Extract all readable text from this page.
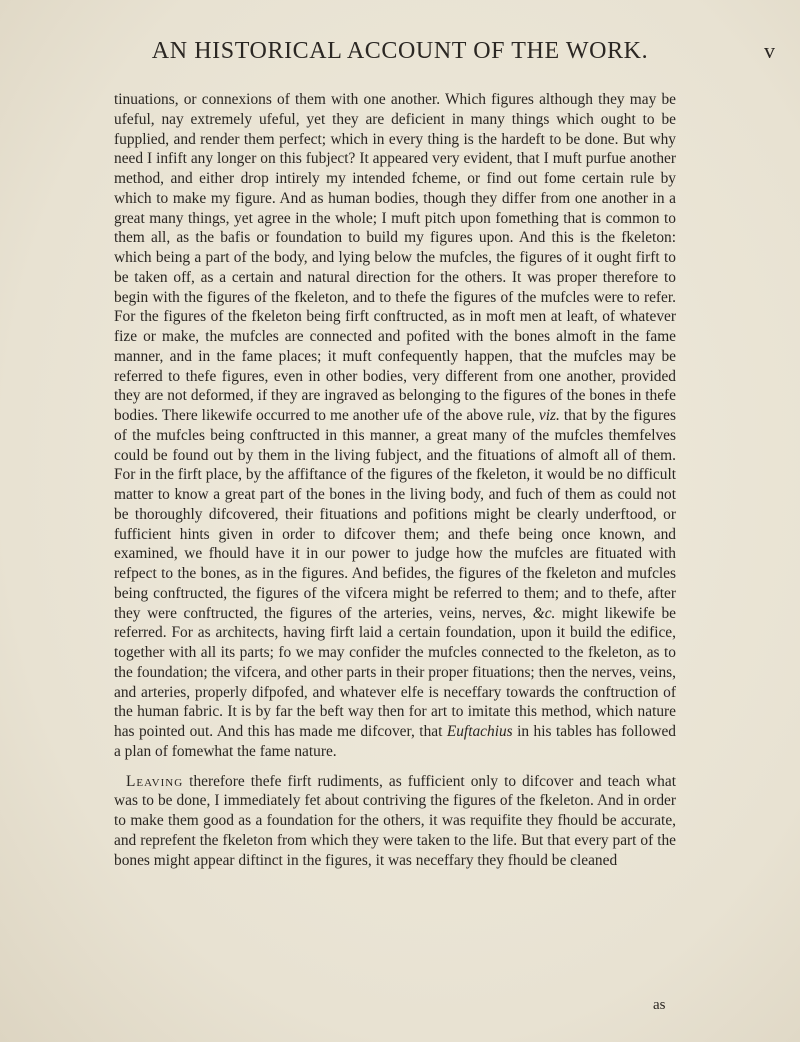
AN HISTORICAL ACCOUNT OF THE WORK.	v

tinuations, or connexions of them with one another. Which figures although they may be ufeful, nay extremely ufeful, yet they are deficient in many things which ought to be fupplied, and render them perfect; which in every thing is the hardeft to be done. But why need I infift any longer on this fubject? It appeared very evident, that I muft purfue another method, and either drop intirely my intended fcheme, or find out fome certain rule by which to make my figure. And as human bodies, though they differ from one another in a great many things, yet agree in the whole; I muft pitch upon fomething that is common to them all, as the bafis or foundation to build my figures upon. And this is the fkeleton: which being a part of the body, and lying below the mufcles, the figures of it ought firft to be taken off, as a certain and natural direction for the others. It was proper therefore to begin with the figures of the fkeleton, and to thefe the figures of the mufcles were to refer. For the figures of the fkeleton being firft conftructed, as in moft men at leaft, of whatever fize or make, the mufcles are connected and pofited with the bones almoft in the fame manner, and in the fame places; it muft confequently happen, that the mufcles may be referred to thefe figures, even in other bodies, very different from one another, provided they are not deformed, if they are ingraved as belonging to the figures of the bones in thefe bodies. There likewife occurred to me another ufe of the above rule, viz. that by the figures of the mufcles being conftructed in this manner, a great many of the mufcles themfelves could be found out by them in the living fubject, and the fituations of almoft all of them. For in the firft place, by the affiftance of the figures of the fkeleton, it would be no difficult matter to know a great part of the bones in the living body, and fuch of them as could not be thoroughly difcovered, their fituations and pofitions might be clearly underftood, or fufficient hints given in order to difcover them; and thefe being once known, and examined, we fhould have it in our power to judge how the mufcles are fituated with refpect to the bones, as in the figures. And befides, the figures of the fkeleton and mufcles being conftructed, the figures of the vifcera might be referred to them; and to thefe, after they were conftructed, the figures of the arteries, veins, nerves, &c. might likewife be referred. For as architects, having firft laid a certain foundation, upon it build the edifice, together with all its parts; fo we may confider the mufcles connected to the fkeleton, as to the foundation; the vifcera, and other parts in their proper fituations; then the nerves, veins, and arteries, properly difpofed, and whatever elfe is neceffary towards the conftruction of the human fabric. It is by far the beft way then for art to imitate this method, which nature has pointed out. And this has made me difcover, that Euftachius in his tables has followed a plan of fomewhat the fame nature.

Leaving therefore thefe firft rudiments, as fufficient only to difcover and teach what was to be done, I immediately fet about contriving the figures of the fkeleton. And in order to make them good as a foundation for the others, it was requifite they fhould be accurate, and reprefent the fkeleton from which they were taken to the life. But that every part of the bones might appear diftinct in the figures, it was neceffary they fhould be cleaned

as
